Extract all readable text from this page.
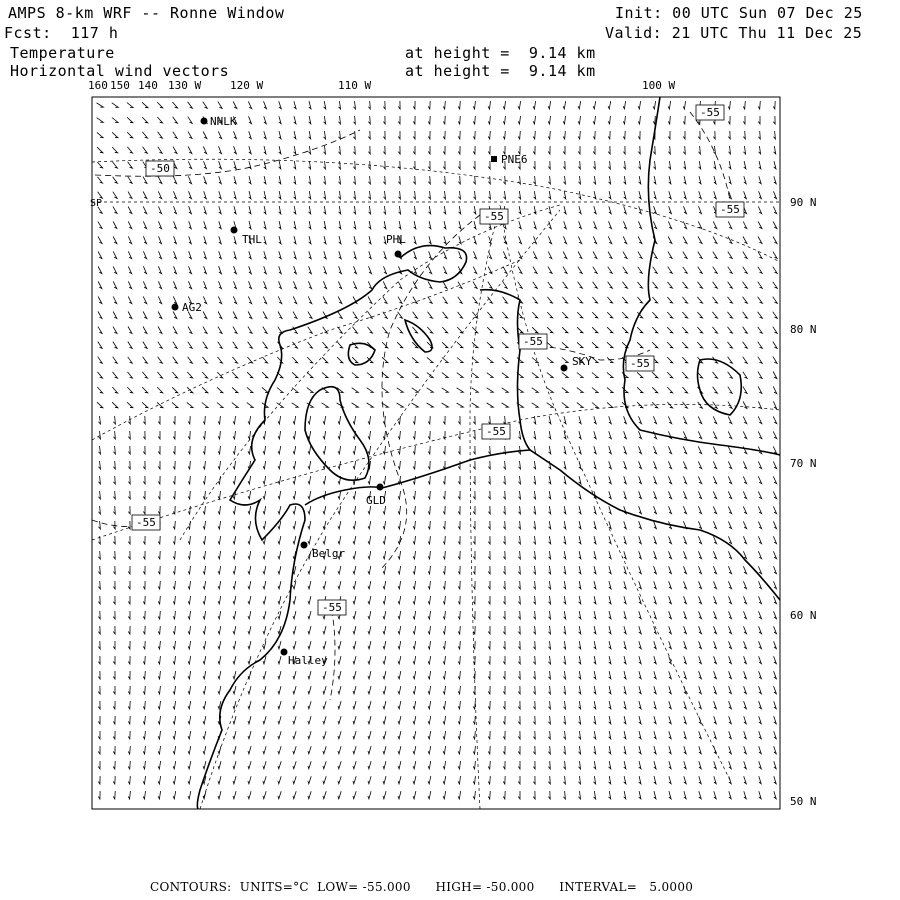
AMPS 8-km WRF -- Ronne Window
Fcst:  117 h
Init: 00 UTC Sun 07 Dec 25
Valid: 21 UTC Thu 11 Dec 25
Temperature
Horizontal wind vectors
at height =  9.14 km
at height =  9.14 km
160 150 140 130 W	120 W	110 W	100 W
90 N
80 N
70 N
60 N
50 N
SP
NHLK
PNE6
THL	PHL
AG2
SKY
GLD
Belgr
Halley
-50
-55
-55
-55
-55
-55
-55
-55
-55
CONTOURS:  UNITS=°C  LOW= -55.000      HIGH= -50.000      INTERVAL=   5.0000
